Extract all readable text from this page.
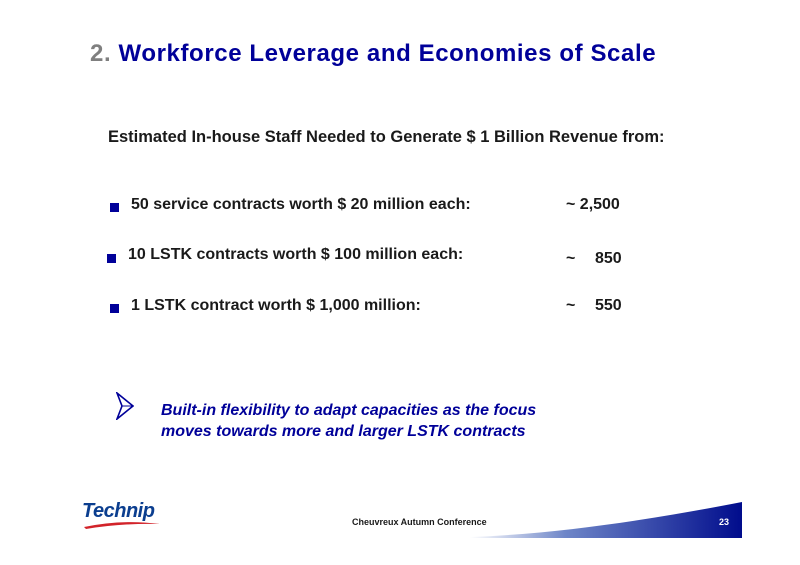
2. Workforce Leverage and Economies of Scale
Estimated In-house Staff Needed to Generate $ 1 Billion Revenue from:
50 service contracts worth $ 20 million each:	~ 2,500
10 LSTK contracts worth $ 100 million each:	~ 850
1 LSTK contract worth $ 1,000 million:	~ 550
Built-in flexibility to adapt capacities as the focus
moves towards more and larger LSTK contracts
Technip	Cheuvreux Autumn Conference	23
